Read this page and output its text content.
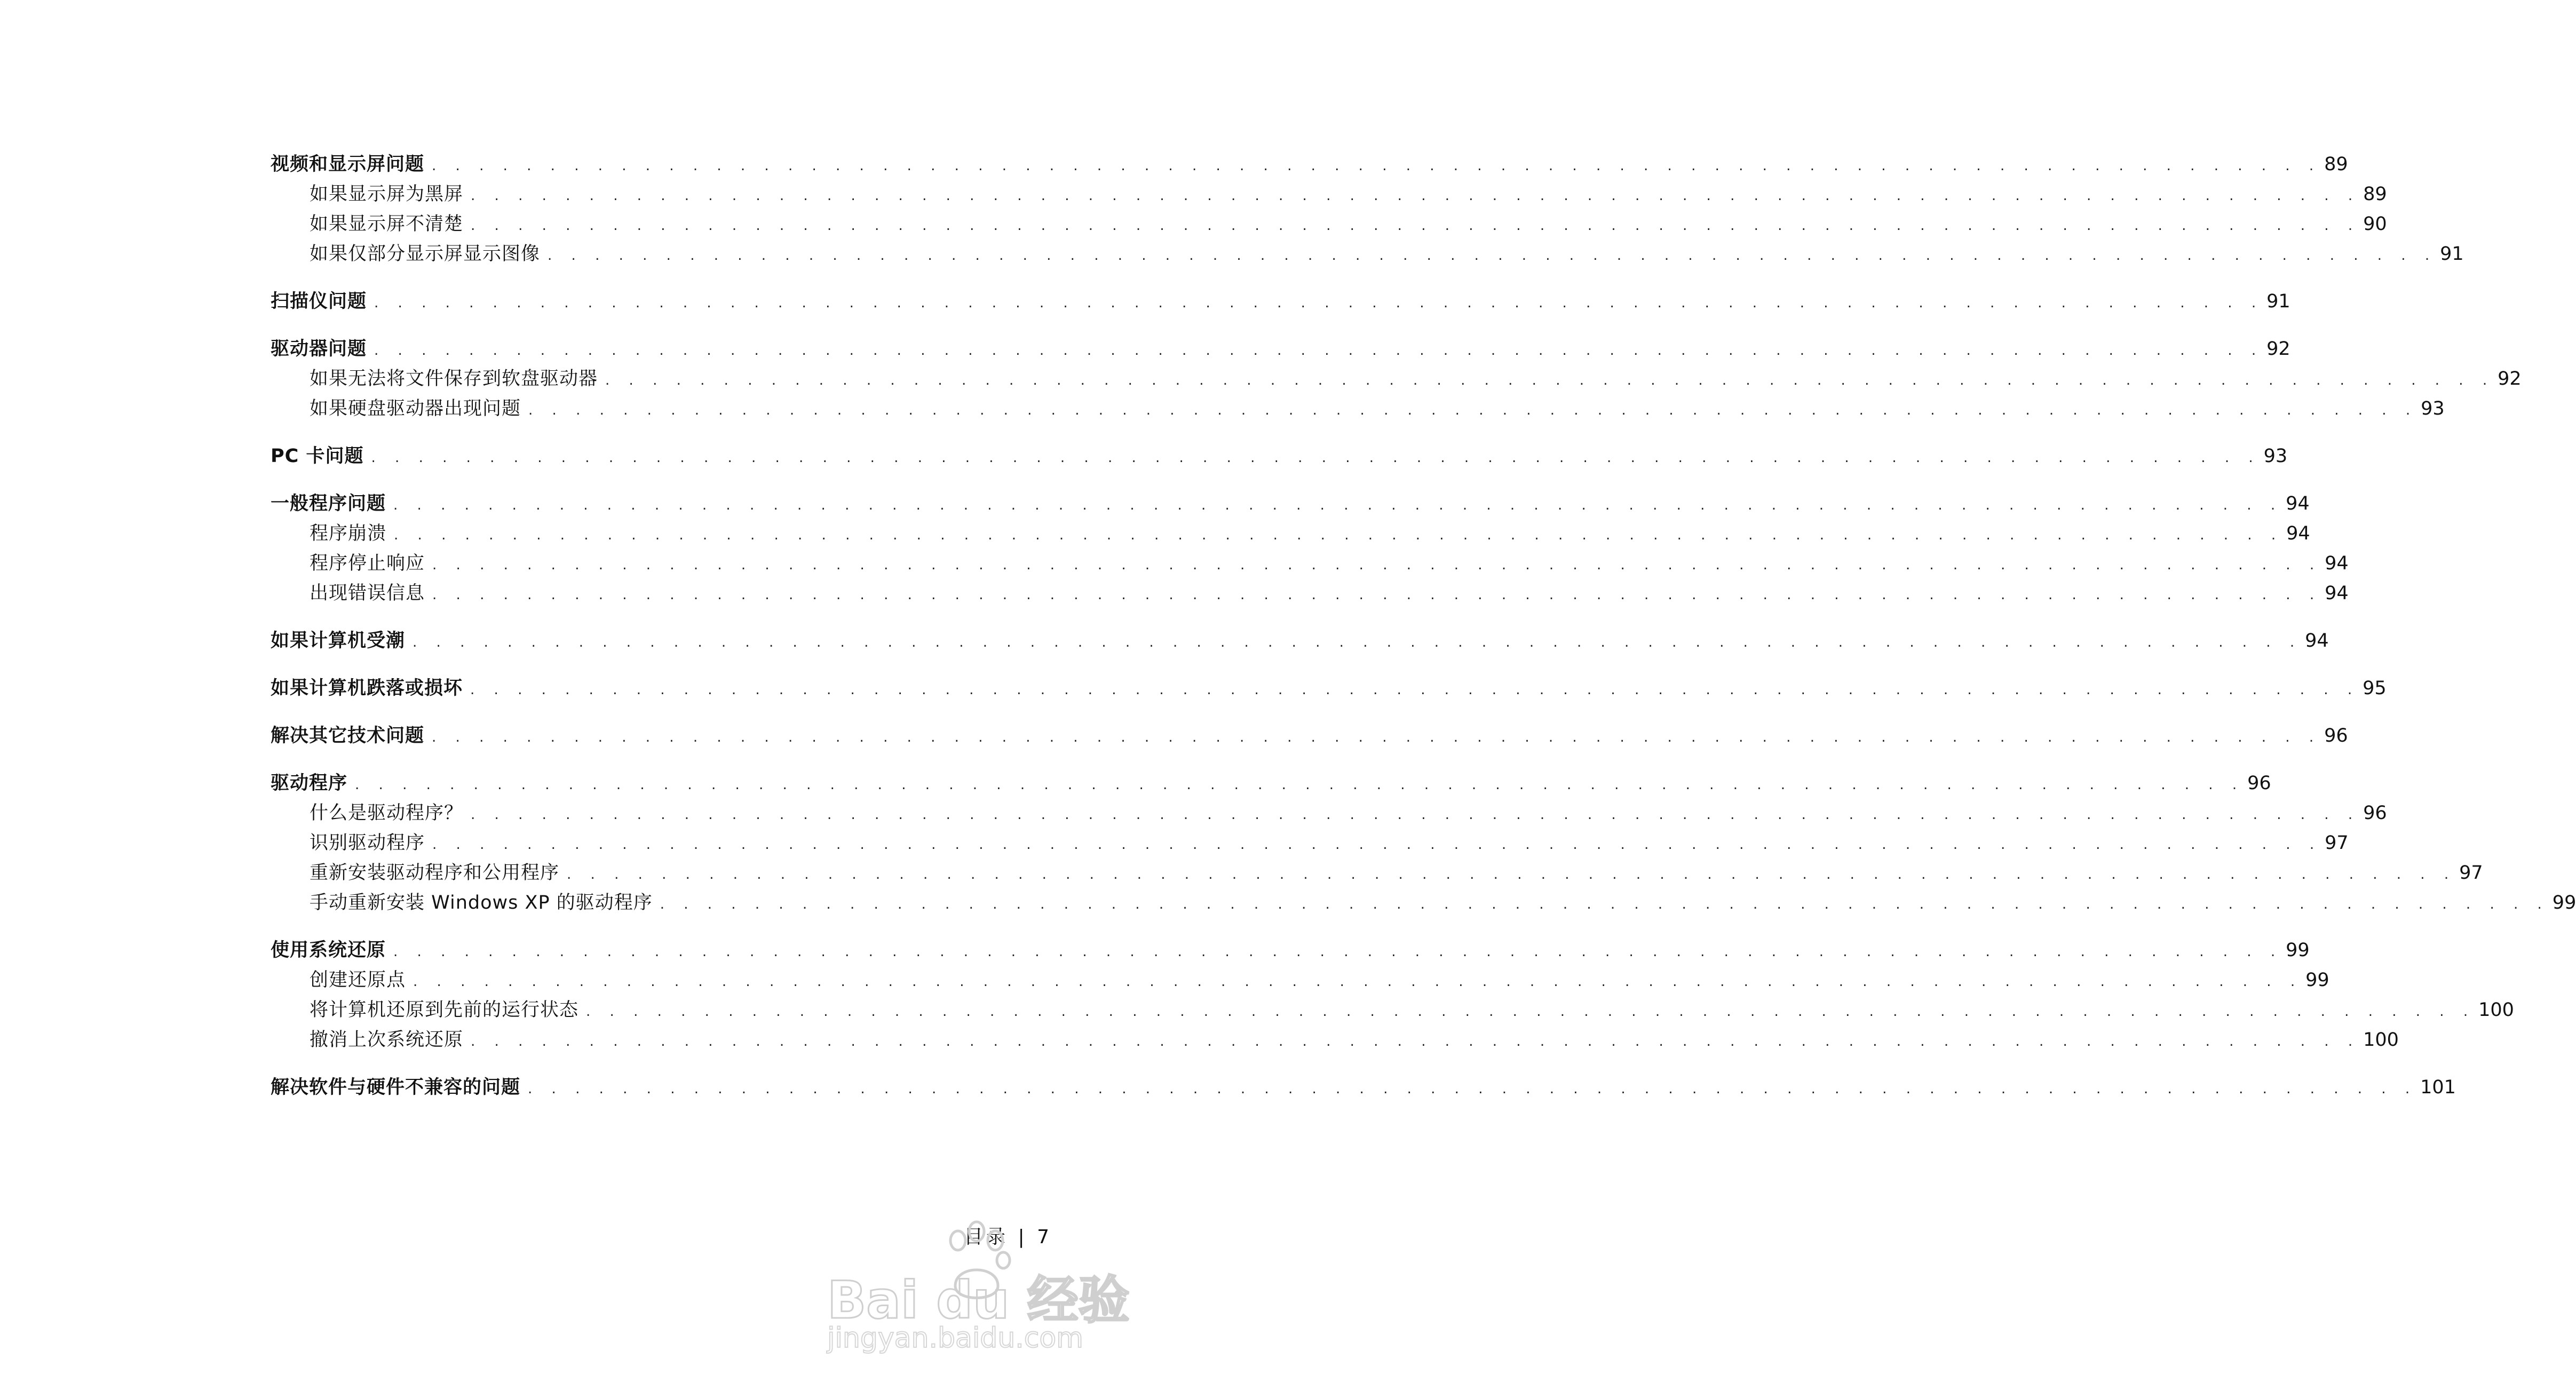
视频和显示屏问题 . . . . . . . . . . . . . . . . . . . . . . . . . . . . . . . . . . . . . . . . . . . . . . . . . . . . . . . . . . . . . . . . . . . . . . . . . . . . . . . . 89
如果显示屏为黑屏 . . . . . . . . . . . . . . . . . . . . . . . . . . . . . . . . . . . . . . . . . . . . . . . . . . . . . . . . . . . . . . . . . . . . . . . . . . . . . . . . 89
如果显示屏不清楚 . . . . . . . . . . . . . . . . . . . . . . . . . . . . . . . . . . . . . . . . . . . . . . . . . . . . . . . . . . . . . . . . . . . . . . . . . . . . . . . . 90
如果仅部分显示屏显示图像 . . . . . . . . . . . . . . . . . . . . . . . . . . . . . . . . . . . . . . . . . . . . . . . . . . . . . . . . . . . . . . . . . . . . . . . . . . . . . . . . 91
扫描仪问题 . . . . . . . . . . . . . . . . . . . . . . . . . . . . . . . . . . . . . . . . . . . . . . . . . . . . . . . . . . . . . . . . . . . . . . . . . . . . . . . . 91
驱动器问题 . . . . . . . . . . . . . . . . . . . . . . . . . . . . . . . . . . . . . . . . . . . . . . . . . . . . . . . . . . . . . . . . . . . . . . . . . . . . . . . . 92
如果无法将文件保存到软盘驱动器 . . . . . . . . . . . . . . . . . . . . . . . . . . . . . . . . . . . . . . . . . . . . . . . . . . . . . . . . . . . . . . . . . . . . . . . . . . . . . . . . 92
如果硬盘驱动器出现问题 . . . . . . . . . . . . . . . . . . . . . . . . . . . . . . . . . . . . . . . . . . . . . . . . . . . . . . . . . . . . . . . . . . . . . . . . . . . . . . . . 93
PC 卡问题 . . . . . . . . . . . . . . . . . . . . . . . . . . . . . . . . . . . . . . . . . . . . . . . . . . . . . . . . . . . . . . . . . . . . . . . . . . . . . . . . 93
一般程序问题 . . . . . . . . . . . . . . . . . . . . . . . . . . . . . . . . . . . . . . . . . . . . . . . . . . . . . . . . . . . . . . . . . . . . . . . . . . . . . . . . 94
程序崩溃 . . . . . . . . . . . . . . . . . . . . . . . . . . . . . . . . . . . . . . . . . . . . . . . . . . . . . . . . . . . . . . . . . . . . . . . . . . . . . . . . 94
程序停止响应 . . . . . . . . . . . . . . . . . . . . . . . . . . . . . . . . . . . . . . . . . . . . . . . . . . . . . . . . . . . . . . . . . . . . . . . . . . . . . . . . 94
出现错误信息 . . . . . . . . . . . . . . . . . . . . . . . . . . . . . . . . . . . . . . . . . . . . . . . . . . . . . . . . . . . . . . . . . . . . . . . . . . . . . . . . 94
如果计算机受潮 . . . . . . . . . . . . . . . . . . . . . . . . . . . . . . . . . . . . . . . . . . . . . . . . . . . . . . . . . . . . . . . . . . . . . . . . . . . . . . . . 94
如果计算机跌落或损坏 . . . . . . . . . . . . . . . . . . . . . . . . . . . . . . . . . . . . . . . . . . . . . . . . . . . . . . . . . . . . . . . . . . . . . . . . . . . . . . . . 95
解决其它技术问题 . . . . . . . . . . . . . . . . . . . . . . . . . . . . . . . . . . . . . . . . . . . . . . . . . . . . . . . . . . . . . . . . . . . . . . . . . . . . . . . . 96
驱动程序 . . . . . . . . . . . . . . . . . . . . . . . . . . . . . . . . . . . . . . . . . . . . . . . . . . . . . . . . . . . . . . . . . . . . . . . . . . . . . . . . 96
什么是驱动程序？ . . . . . . . . . . . . . . . . . . . . . . . . . . . . . . . . . . . . . . . . . . . . . . . . . . . . . . . . . . . . . . . . . . . . . . . . . . . . . . . . 96
识别驱动程序 . . . . . . . . . . . . . . . . . . . . . . . . . . . . . . . . . . . . . . . . . . . . . . . . . . . . . . . . . . . . . . . . . . . . . . . . . . . . . . . . 97
重新安装驱动程序和公用程序 . . . . . . . . . . . . . . . . . . . . . . . . . . . . . . . . . . . . . . . . . . . . . . . . . . . . . . . . . . . . . . . . . . . . . . . . . . . . . . . . 97
手动重新安装 Windows XP 的驱动程序 . . . . . . . . . . . . . . . . . . . . . . . . . . . . . . . . . . . . . . . . . . . . . . . . . . . . . . . . . . . . . . . . . . . . . . . . . . . . . . . . 99
使用系统还原 . . . . . . . . . . . . . . . . . . . . . . . . . . . . . . . . . . . . . . . . . . . . . . . . . . . . . . . . . . . . . . . . . . . . . . . . . . . . . . . . 99
创建还原点 . . . . . . . . . . . . . . . . . . . . . . . . . . . . . . . . . . . . . . . . . . . . . . . . . . . . . . . . . . . . . . . . . . . . . . . . . . . . . . . . 99
将计算机还原到先前的运行状态 . . . . . . . . . . . . . . . . . . . . . . . . . . . . . . . . . . . . . . . . . . . . . . . . . . . . . . . . . . . . . . . . . . . . . . . . . . . . . . . . 100
撤消上次系统还原 . . . . . . . . . . . . . . . . . . . . . . . . . . . . . . . . . . . . . . . . . . . . . . . . . . . . . . . . . . . . . . . . . . . . . . . . . . . . . . . . 100
解决软件与硬件不兼容的问题 . . . . . . . . . . . . . . . . . . . . . . . . . . . . . . . . . . . . . . . . . . . . . . . . . . . . . . . . . . . . . . . . . . . . . . . . . . . . . . . . 101
目录 | 7
Bai du 经验
jingyan.baidu.com
